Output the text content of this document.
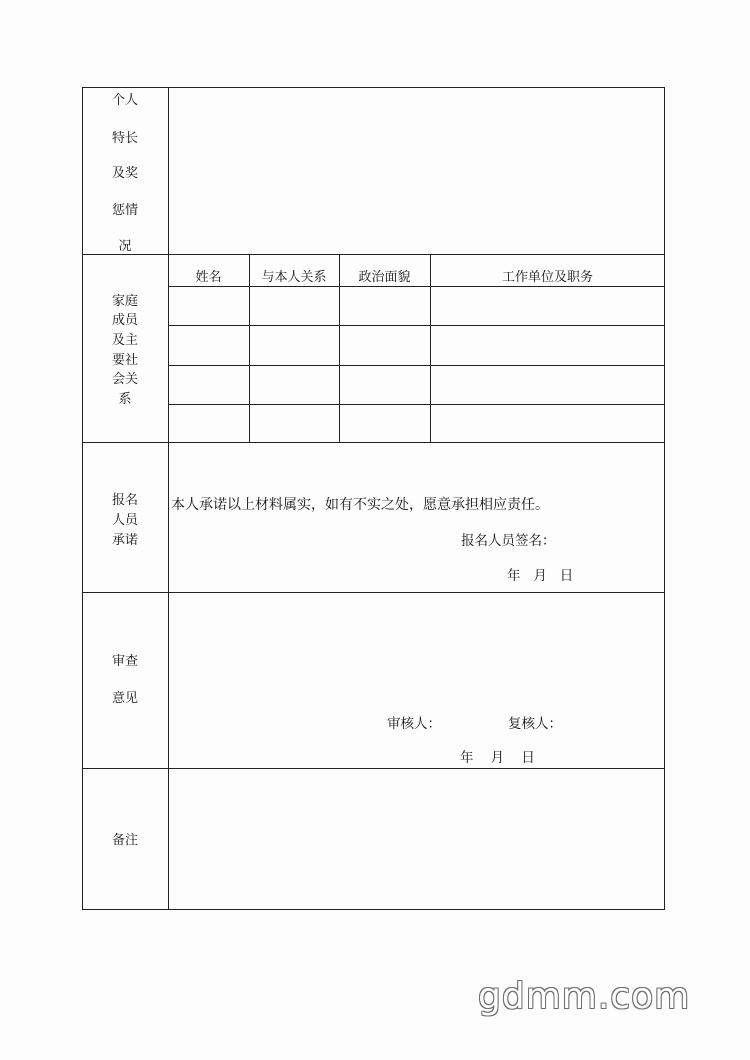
个人
特长
及奖
惩情
况
家庭
成员
及主
要社
会关
系
姓名	与本人关系	政治面貌	工作单位及职务
报名
人员
承诺
本人承诺以上材料属实，如有不实之处，愿意承担相应责任。
报名人员签名：
年   月   日
审查
意见
审核人：	复核人：
年    月    日
备注
gdmm.com
